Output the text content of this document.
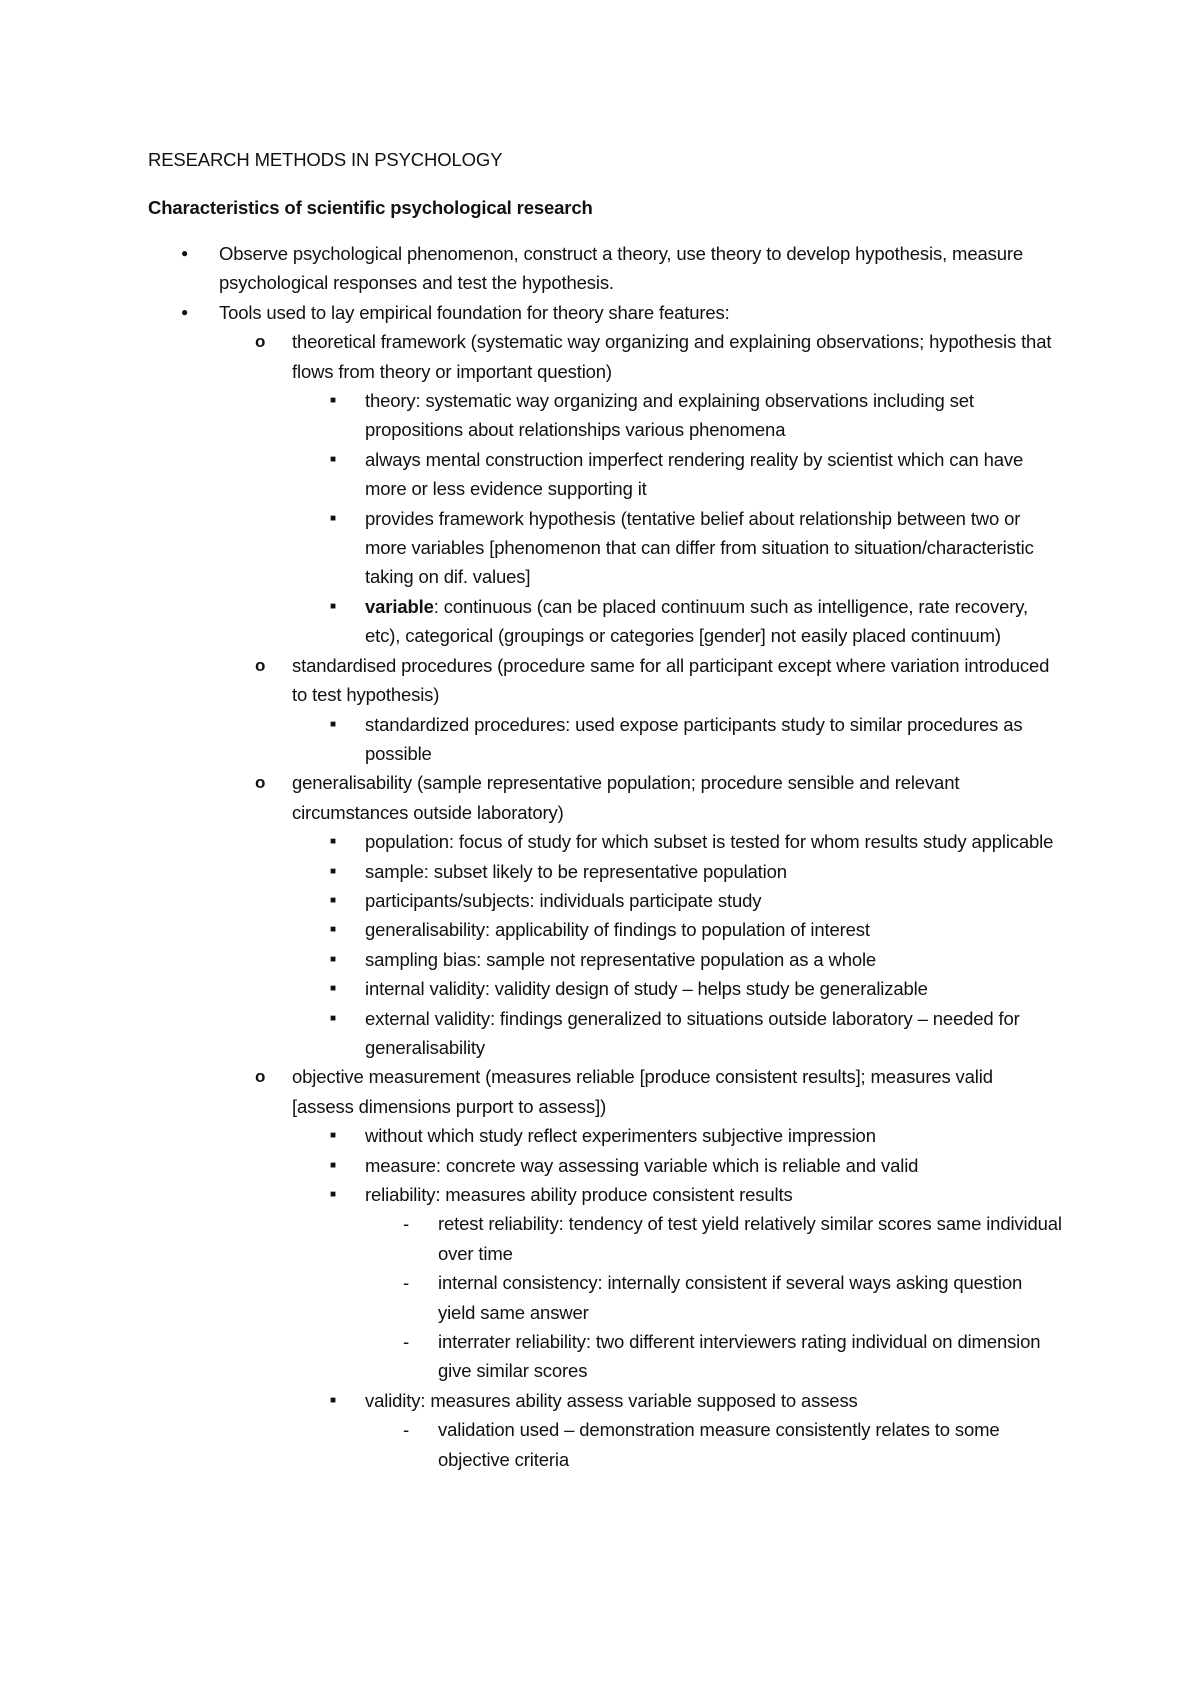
RESEARCH METHODS IN PSYCHOLOGY
Characteristics of scientific psychological research
● Observe psychological phenomenon, construct a theory, use theory to develop hypothesis, measure psychological responses and test the hypothesis.
● Tools used to lay empirical foundation for theory share features:
o theoretical framework (systematic way organizing and explaining observations; hypothesis that flows from theory or important question)
■ theory: systematic way organizing and explaining observations including set propositions about relationships various phenomena
■ always mental construction imperfect rendering reality by scientist which can have more or less evidence supporting it
■ provides framework hypothesis (tentative belief about relationship between two or more variables [phenomenon that can differ from situation to situation/characteristic taking on dif. values]
■ variable: continuous (can be placed continuum such as intelligence, rate recovery, etc), categorical (groupings or categories [gender] not easily placed continuum)
o standardised procedures (procedure same for all participant except where variation introduced to test hypothesis)
■ standardized procedures: used expose participants study to similar procedures as possible
o generalisability (sample representative population; procedure sensible and relevant circumstances outside laboratory)
■ population: focus of study for which subset is tested for whom results study applicable
■ sample: subset likely to be representative population
■ participants/subjects: individuals participate study
■ generalisability: applicability of findings to population of interest
■ sampling bias: sample not representative population as a whole
■ internal validity: validity design of study – helps study be generalizable
■ external validity: findings generalized to situations outside laboratory – needed for generalisability
o objective measurement (measures reliable [produce consistent results]; measures valid [assess dimensions purport to assess])
■ without which study reflect experimenters subjective impression
■ measure: concrete way assessing variable which is reliable and valid
■ reliability: measures ability produce consistent results
- retest reliability: tendency of test yield relatively similar scores same individual over time
- internal consistency: internally consistent if several ways asking question yield same answer
- interrater reliability: two different interviewers rating individual on dimension give similar scores
■ validity: measures ability assess variable supposed to assess
- validation used – demonstration measure consistently relates to some objective criteria
